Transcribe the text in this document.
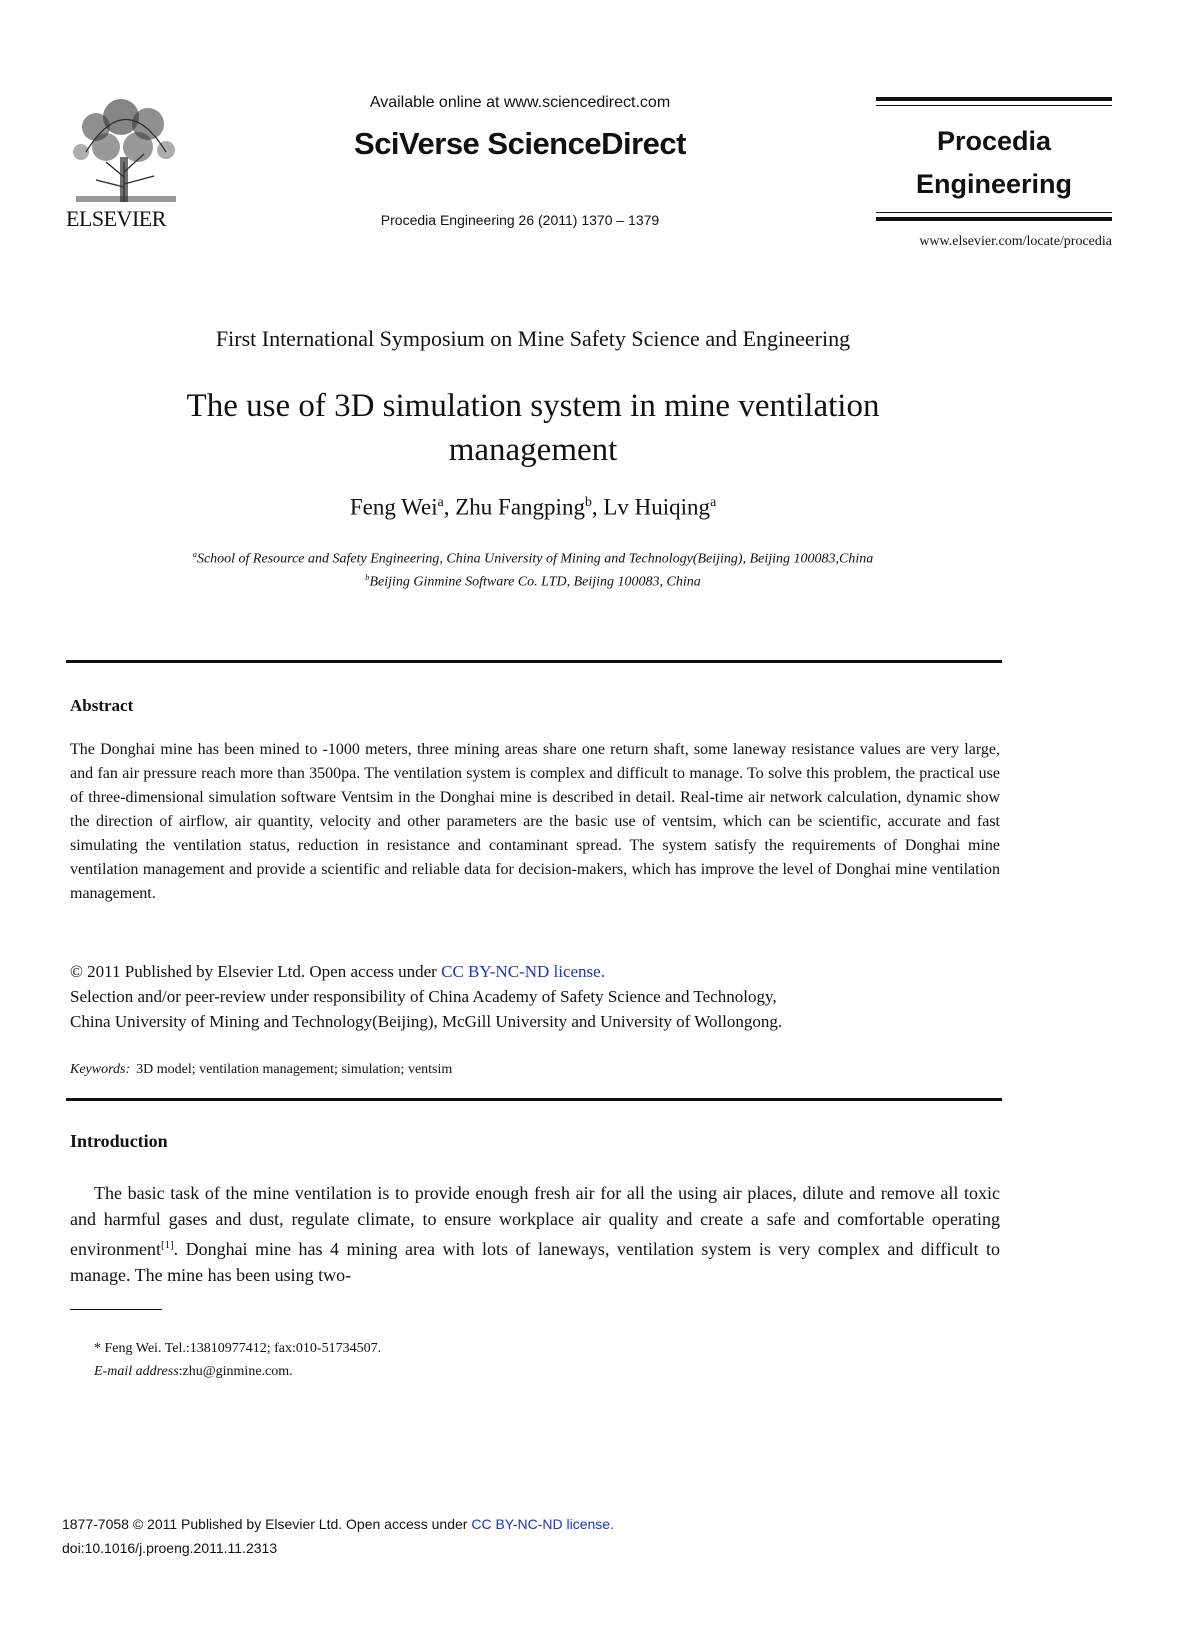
ELSEVIER
Available online at www.sciencedirect.com
SciVerse ScienceDirect
Procedia Engineering 26 (2011) 1370 – 1379
Procedia
Engineering
www.elsevier.com/locate/procedia
First International Symposium on Mine Safety Science and Engineering
The use of 3D simulation system in mine ventilation
management
Feng Wei$^a$, Zhu Fangping$^b$, Lv Huiqing$^a$
$^a$School of Resource and Safety Engineering, China University of Mining and Technology(Beijing), Beijing 100083,China
$^b$Beijing Ginmine Software Co. LTD, Beijing 100083, China
Abstract
The Donghai mine has been mined to -1000 meters, three mining areas share one return shaft, some laneway resistance values are very large, and fan air pressure reach more than 3500pa. The ventilation system is complex and difficult to manage. To solve this problem, the practical use of three-dimensional simulation software Ventsim in the Donghai mine is described in detail. Real-time air network calculation, dynamic show the direction of airflow, air quantity, velocity and other parameters are the basic use of ventsim, which can be scientific, accurate and fast simulating the ventilation status, reduction in resistance and contaminant spread. The system satisfy the requirements of Donghai mine ventilation management and provide a scientific and reliable data for decision-makers, which has improve the level of Donghai mine ventilation management.
© 2011 Published by Elsevier Ltd. Open access under CC BY-NC-ND license.
Selection and/or peer-review under responsibility of China Academy of Safety Science and Technology,
China University of Mining and Technology(Beijing), McGill University and University of Wollongong.
Keywords: 3D model; ventilation management; simulation; ventsim
Introduction
The basic task of the mine ventilation is to provide enough fresh air for all the using air places, dilute and remove all toxic and harmful gases and dust, regulate climate, to ensure workplace air quality and create a safe and comfortable operating environment[1]. Donghai mine has 4 mining area with lots of laneways, ventilation system is very complex and difficult to manage. The mine has been using two-
* Feng Wei. Tel.:13810977412; fax:010-51734507.
E-mail address:zhu@ginmine.com.
1877-7058 © 2011 Published by Elsevier Ltd. Open access under CC BY-NC-ND license.
doi:10.1016/j.proeng.2011.11.2313
